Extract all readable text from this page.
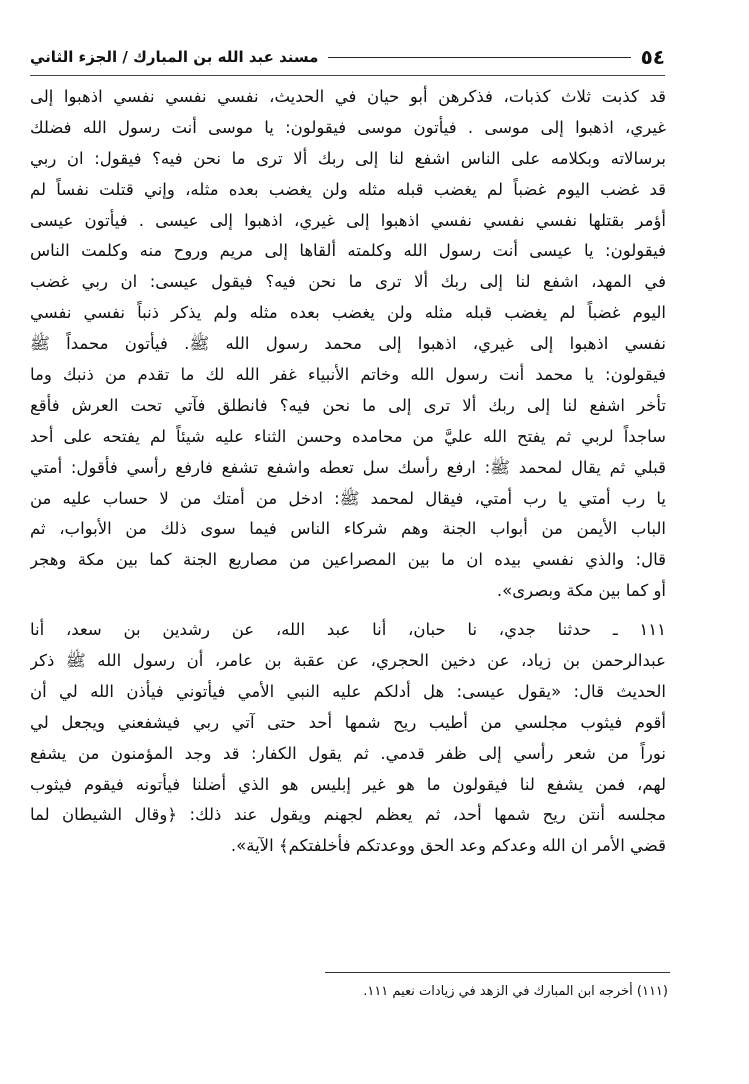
٥٤
مسند عبد الله بن المبارك / الجزء الثاني
قد كذبت ثلاث كذبات، فذكرهن أبو حيان في الحديث، نفسي نفسي نفسي اذهبوا إلى
غيري، اذهبوا إلى موسى . فيأتون موسى فيقولون: يا موسى أنت رسول الله فضلك
برسالاته وبكلامه على الناس اشفع لنا إلى ربك ألا ترى ما نحن فيه؟ فيقول: ان ربي
قد غضب اليوم غضباً لم يغضب قبله مثله ولن يغضب بعده مثله، وإني قتلت نفساً لم
أؤمر بقتلها نفسي نفسي نفسي اذهبوا إلى غيري، اذهبوا إلى عيسى . فيأتون عيسى
فيقولون: يا عيسى أنت رسول الله وكلمته ألقاها إلى مريم وروح منه وكلمت الناس
في المهد، اشفع لنا إلى ربك ألا ترى ما نحن فيه؟ فيقول عيسى: ان ربي غضب
اليوم غضباً لم يغضب قبله مثله ولن يغضب بعده مثله ولم يذكر ذنباً نفسي نفسي
نفسي اذهبوا إلى غيري، اذهبوا إلى محمد رسول الله ﷺ. فيأتون محمداً ﷺ
فيقولون: يا محمد أنت رسول الله وخاتم الأنبياء غفر الله لك ما تقدم من ذنبك وما
تأخر اشفع لنا إلى ربك ألا ترى إلى ما نحن فيه؟ فانطلق فآتي تحت العرش فأقع
ساجداً لربي ثم يفتح الله عليَّ من محامده وحسن الثناء عليه شيئاً لم يفتحه على أحد
قبلي ثم يقال لمحمد ﷺ: ارفع رأسك سل تعطه واشفع تشفع فارفع رأسي فأقول: أمتي
يا رب أمتي يا رب أمتي، فيقال لمحمد ﷺ: ادخل من أمتك من لا حساب عليه من
الباب الأيمن من أبواب الجنة وهم شركاء الناس فيما سوى ذلك من الأبواب، ثم
قال: والذي نفسي بيده ان ما بين المصراعين من مصاريع الجنة كما بين مكة وهجر
أو كما بين مكة وبصرى».
١١١ ـ حدثنا جدي، نا حبان، أنا عبد الله، عن رشدين بن سعد، أنا
عبدالرحمن بن زياد، عن دخين الحجري، عن عقبة بن عامر، أن رسول الله ﷺ ذكر
الحديث قال: «يقول عيسى: هل أدلكم عليه النبي الأمي فيأتوني فيأذن الله لي أن
أقوم فيثوب مجلسي من أطيب ريح شمها أحد حتى آتي ربي فيشفعني ويجعل لي
نوراً من شعر رأسي إلى ظفر قدمي. ثم يقول الكفار: قد وجد المؤمنون من يشفع
لهم، فمن يشفع لنا فيقولون ما هو غير إبليس هو الذي أضلنا فيأتونه فيقوم فيثوب
مجلسه أنتن ريح شمها أحد، ثم يعظم لجهنم ويقول عند ذلك: ﴿وقال الشيطان لما
قضي الأمر ان الله وعدكم وعد الحق ووعدتكم فأخلفتكم﴾ الآية».
(١١١) أخرجه ابن المبارك في الزهد في زيادات نعيم ١١١.
